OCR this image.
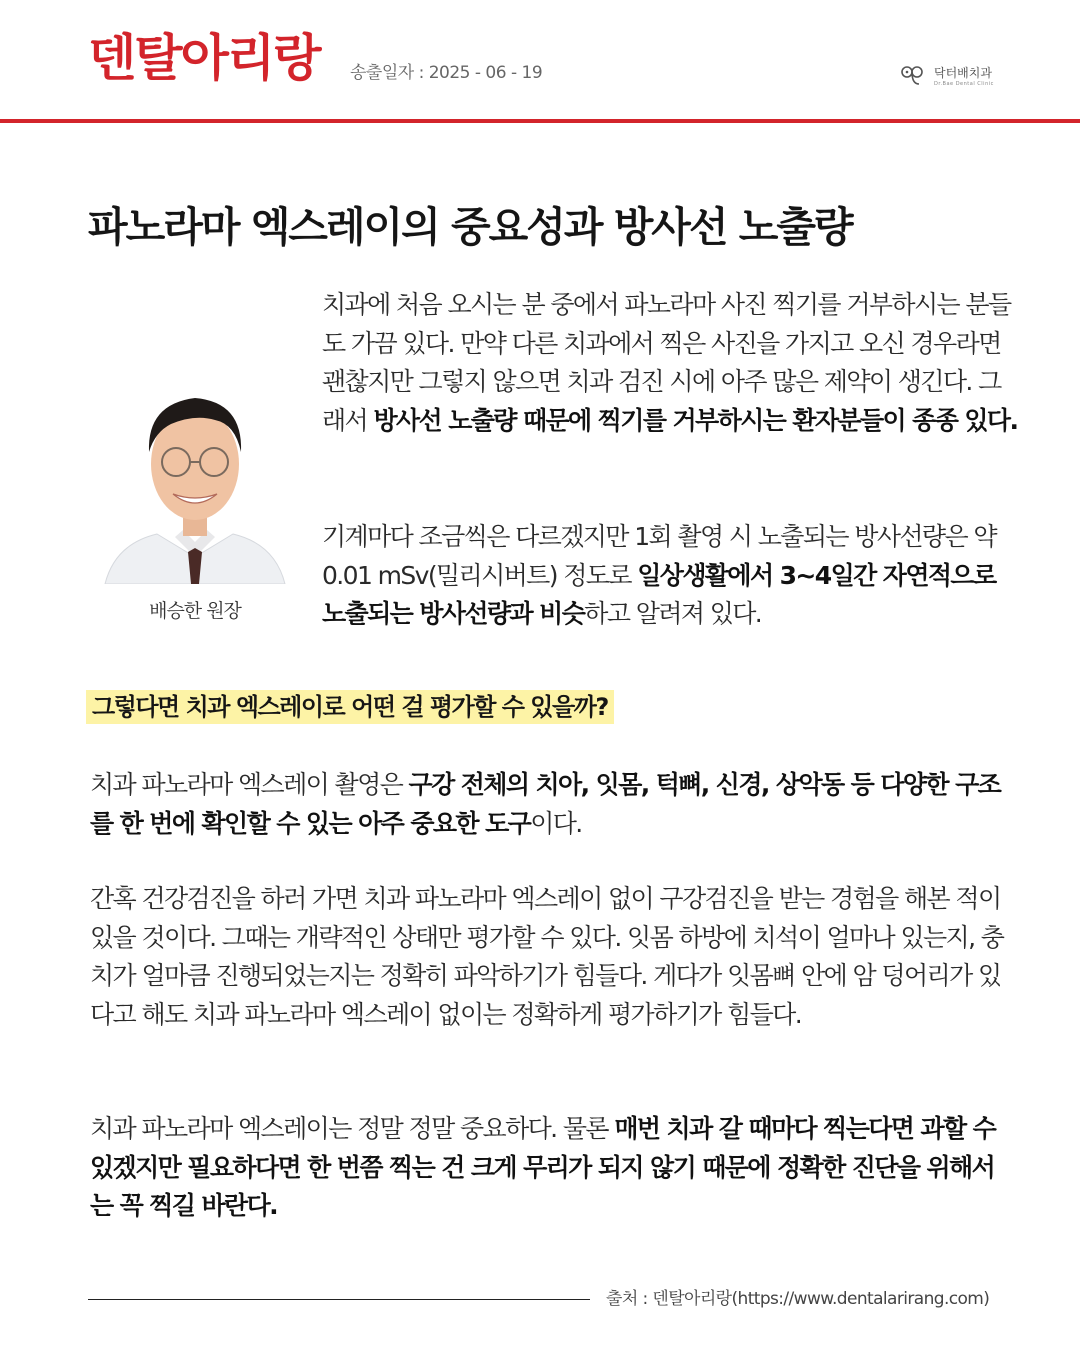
덴탈아리랑 송출일자 : 2025 - 06 - 19	닥터배치과
Dr.Bae Dental Clinic
파노라마 엑스레이의 중요성과 방사선 노출량
배승한 원장

치과에 처음 오시는 분 중에서 파노라마 사진 찍기를 거부하시는 분들도 가끔 있다. 만약 다른 치과에서 찍은 사진을 가지고 오신 경우라면 괜찮지만 그렇지 않으면 치과 검진 시에 아주 많은 제약이 생긴다. 그래서 방사선 노출량 때문에 찍기를 거부하시는 환자분들이 종종 있다.

기계마다 조금씩은 다르겠지만 1회 촬영 시 노출되는 방사선량은 약 0.01 mSv(밀리시버트) 정도로 일상생활에서 3~4일간 자연적으로 노출되는 방사선량과 비슷하고 알려져 있다.

그렇다면 치과 엑스레이로 어떤 걸 평가할 수 있을까?

치과 파노라마 엑스레이 촬영은 구강 전체의 치아, 잇몸, 턱뼈, 신경, 상악동 등 다양한 구조를 한 번에 확인할 수 있는 아주 중요한 도구이다.

간혹 건강검진을 하러 가면 치과 파노라마 엑스레이 없이 구강검진을 받는 경험을 해본 적이 있을 것이다. 그때는 개략적인 상태만 평가할 수 있다. 잇몸 하방에 치석이 얼마나 있는지, 충치가 얼마큼 진행되었는지는 정확히 파악하기가 힘들다. 게다가 잇몸뼈 안에 암 덩어리가 있다고 해도 치과 파노라마 엑스레이 없이는 정확하게 평가하기가 힘들다.

치과 파노라마 엑스레이는 정말 정말 중요하다. 물론 매번 치과 갈 때마다 찍는다면 과할 수 있겠지만 필요하다면 한 번쯤 찍는 건 크게 무리가 되지 않기 때문에 정확한 진단을 위해서는 꼭 찍길 바란다.

출처 : 덴탈아리랑(https://www.dentalarirang.com)
